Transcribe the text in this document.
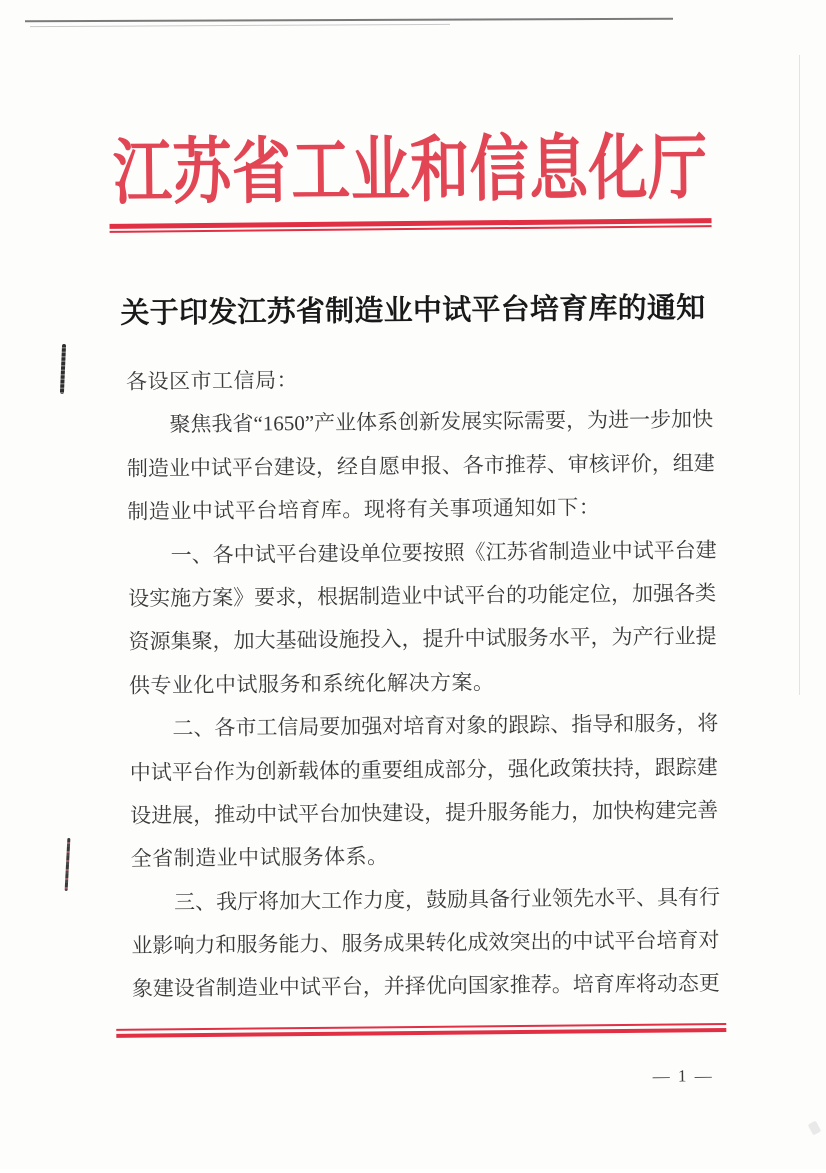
江 苏 省 工 业 和 信 息 化 厅
关 于 印 发 江 苏 省 制 造 业 中 试 平 台 培 育 库 的 通 知
各设区市工信局：
聚 焦 我 省 “ 1 6 5 0 ” 产 业 体 系 创 新 发 展 实 际 需 要 ， 为 进 一 步 加 快
制 造 业 中 试 平 台 建 设 ， 经 自 愿 申 报 、 各 市 推 荐 、 审 核 评 价 ， 组 建
制造业中试平台培育库。现将有关事项通知如下：
一 、 各 中 试 平 台 建 设 单 位 要 按 照 《 江 苏 省 制 造 业 中 试 平 台 建
设 实 施 方 案 》 要 求 ， 根 据 制 造 业 中 试 平 台 的 功 能 定 位 ， 加 强 各 类
资 源 集 聚 ， 加 大 基 础 设 施 投 入 ， 提 升 中 试 服 务 水 平 ， 为 产 行 业 提
供专业化中试服务和系统化解决方案。
二 、 各 市 工 信 局 要 加 强 对 培 育 对 象 的 跟 踪 、 指 导 和 服 务 ， 将
中 试 平 台 作 为 创 新 载 体 的 重 要 组 成 部 分 ， 强 化 政 策 扶 持 ， 跟 踪 建
设 进 展 ， 推 动 中 试 平 台 加 快 建 设 ， 提 升 服 务 能 力 ， 加 快 构 建 完 善
全省制造业中试服务体系。
三 、 我 厅 将 加 大 工 作 力 度 ， 鼓 励 具 备 行 业 领 先 水 平 、 具 有 行
业 影 响 力 和 服 务 能 力 、 服 务 成 果 转 化 成 效 突 出 的 中 试 平 台 培 育 对
象 建 设 省 制 造 业 中 试 平 台 ， 并 择 优 向 国 家 推 荐 。 培 育 库 将 动 态 更
— 1 —
